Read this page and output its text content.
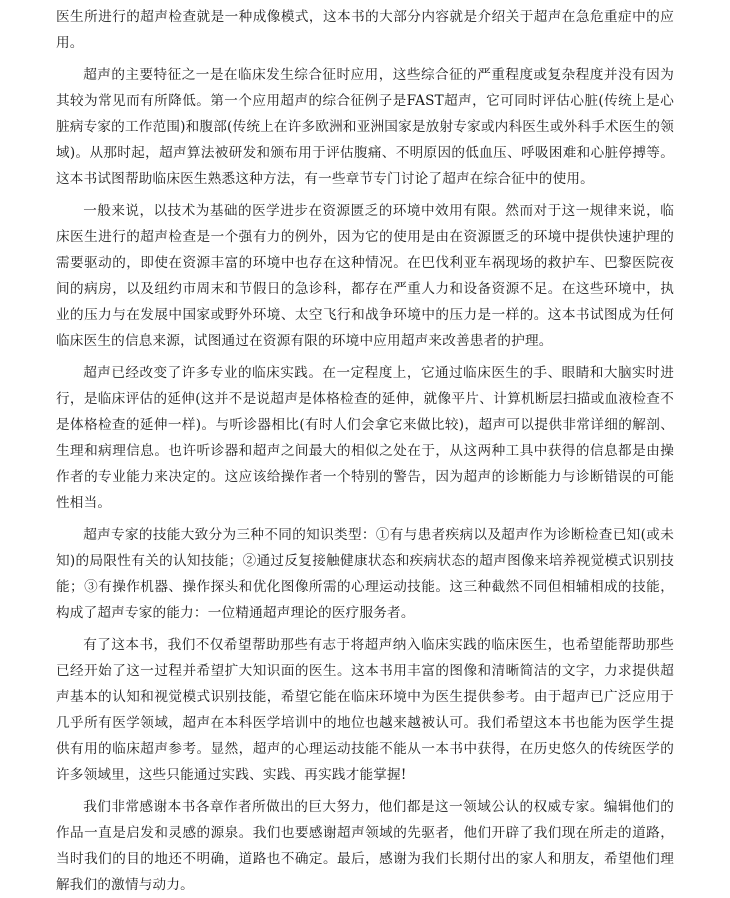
医生所进行的超声检查就是一种成像模式，这本书的大部分内容就是介绍关于超声在急危重症中的应用。

超声的主要特征之一是在临床发生综合征时应用，这些综合征的严重程度或复杂程度并没有因为其较为常见而有所降低。第一个应用超声的综合征例子是FAST超声，它可同时评估心脏(传统上是心脏病专家的工作范围)和腹部(传统上在许多欧洲和亚洲国家是放射专家或内科医生或外科手术医生的领域)。从那时起，超声算法被研发和颁布用于评估腹痛、不明原因的低血压、呼吸困难和心脏停搏等。这本书试图帮助临床医生熟悉这种方法，有一些章节专门讨论了超声在综合征中的使用。

一般来说，以技术为基础的医学进步在资源匮乏的环境中效用有限。然而对于这一规律来说，临床医生进行的超声检查是一个强有力的例外，因为它的使用是由在资源匮乏的环境中提供快速护理的需要驱动的，即使在资源丰富的环境中也存在这种情况。在巴伐利亚车祸现场的救护车、巴黎医院夜间的病房，以及纽约市周末和节假日的急诊科，都存在严重人力和设备资源不足。在这些环境中，执业的压力与在发展中国家或野外环境、太空飞行和战争环境中的压力是一样的。这本书试图成为任何临床医生的信息来源，试图通过在资源有限的环境中应用超声来改善患者的护理。

超声已经改变了许多专业的临床实践。在一定程度上，它通过临床医生的手、眼睛和大脑实时进行，是临床评估的延伸(这并不是说超声是体格检查的延伸，就像平片、计算机断层扫描或血液检查不是体格检查的延伸一样)。与听诊器相比(有时人们会拿它来做比较)，超声可以提供非常详细的解剖、生理和病理信息。也许听诊器和超声之间最大的相似之处在于，从这两种工具中获得的信息都是由操作者的专业能力来决定的。这应该给操作者一个特别的警告，因为超声的诊断能力与诊断错误的可能性相当。

超声专家的技能大致分为三种不同的知识类型：①有与患者疾病以及超声作为诊断检查已知(或未知)的局限性有关的认知技能；②通过反复接触健康状态和疾病状态的超声图像来培养视觉模式识别技能；③有操作机器、操作探头和优化图像所需的心理运动技能。这三种截然不同但相辅相成的技能，构成了超声专家的能力：一位精通超声理论的医疗服务者。

有了这本书，我们不仅希望帮助那些有志于将超声纳入临床实践的临床医生，也希望能帮助那些已经开始了这一过程并希望扩大知识面的医生。这本书用丰富的图像和清晰简洁的文字，力求提供超声基本的认知和视觉模式识别技能，希望它能在临床环境中为医生提供参考。由于超声已广泛应用于几乎所有医学领域，超声在本科医学培训中的地位也越来越被认可。我们希望这本书也能为医学生提供有用的临床超声参考。显然，超声的心理运动技能不能从一本书中获得，在历史悠久的传统医学的许多领域里，这些只能通过实践、实践、再实践才能掌握!

我们非常感谢本书各章作者所做出的巨大努力，他们都是这一领域公认的权威专家。编辑他们的作品一直是启发和灵感的源泉。我们也要感谢超声领域的先驱者，他们开辟了我们现在所走的道路，当时我们的目的地还不明确，道路也不确定。最后，感谢为我们长期付出的家人和朋友，希望他们理解我们的激情与动力。
